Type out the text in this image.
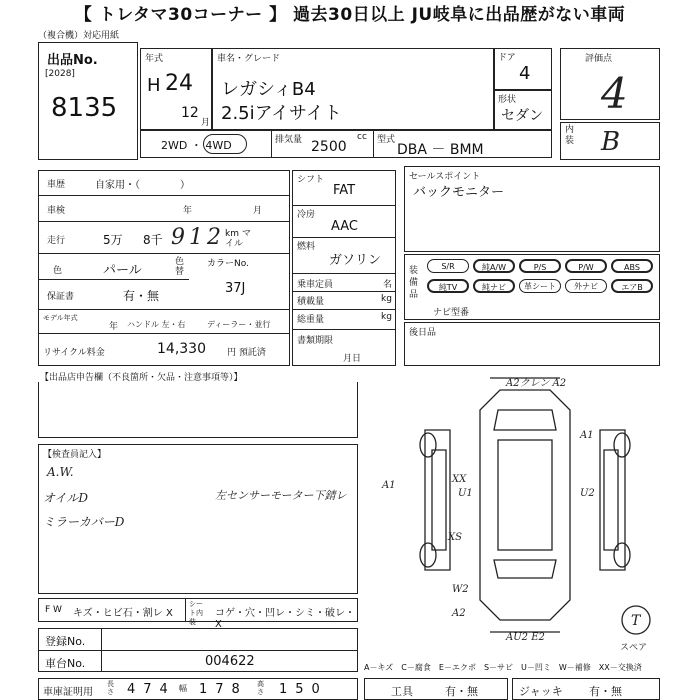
【 トレタマ30コーナー 】 過去30日以上 JU岐阜に出品歴がない車両
（複合機）対応用紙
出品No.
[2028]
8135
年式
H 24
12
月
車名・グレード
レガシィB4
2.5iアイサイト
ドア
4
形状
セダン
評価点
4
内装 B
2WD ・ 4WD	排気量 2500
cc 型式
DBA － BMM
車歴	自家用・（　　　　）
車検	年	月
走行	5万 8千 912 km マイル
色	パール
色替
カラーNo.
37J
保証書	有・無
モデル年式
年 ハンドル 左・右	ディーラー・並行
リサイクル料金	14,330 円 預託済
シフト
FAT
冷房
AAC
燃料
ガソリン
乗車定員	名
積載量	kg
総重量	kg
書類期限
月日
セールスポイント
バックモニター
装備品
S/R	純A/W	P/S	P/W	ABS
純TV	純ナビ	革シート	外ナビ	エアB
ナビ型番
後日品
【出品店申告欄（不良箇所・欠品・注意事項等）】
【検査員記入】
A.W.
オイルD
ミラーカバーD
左センサーモーター下錆レ
A2クレン A2
A1
A1
XX
U1	U2
XS
W2
A2
AU2 E2
T
スペア
F W キズ・ヒビ石・割レ X
シート内装
コゲ・穴・凹レ・シミ・破レ・X
登録No.
車台No.	004622	A－キズ　C－腐食　E－エクボ　S－サビ　U－凹ミ　W－補修　XX－交換済
車庫証明用
長さ 474 幅 178 高さ 150	工具	有・無	ジャッキ 有・無
